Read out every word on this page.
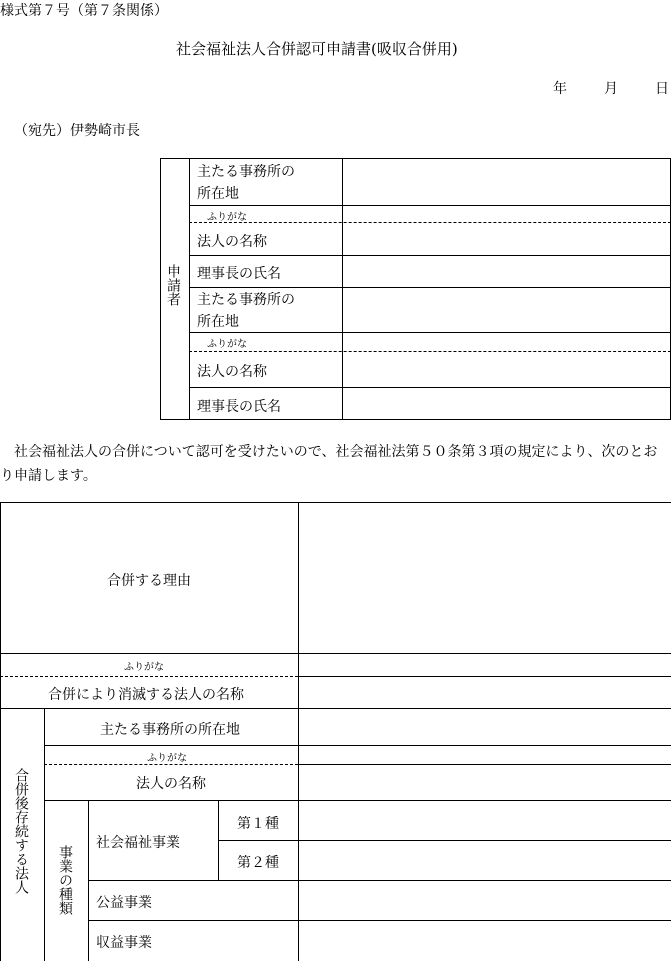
様式第７号（第７条関係）
社会福祉法人合併認可申請書(吸収合併用)
年	月	日
（宛先）伊勢崎市長
申請者
主たる事務所の
所在地
ふりがな
法人の名称
理事長の氏名
主たる事務所の
所在地
ふりがな
法人の名称
理事長の氏名
社会福祉法人の合併について認可を受けたいので、社会福祉法第５０条第３項の規定により、次のとおり申請します。
合併する理由
ふりがな
合併により消滅する法人の名称
合併後存続する法人
主たる事務所の所在地
ふりがな
法人の名称
事業の種類
社会福祉事業
第１種
第２種
公益事業
収益事業
